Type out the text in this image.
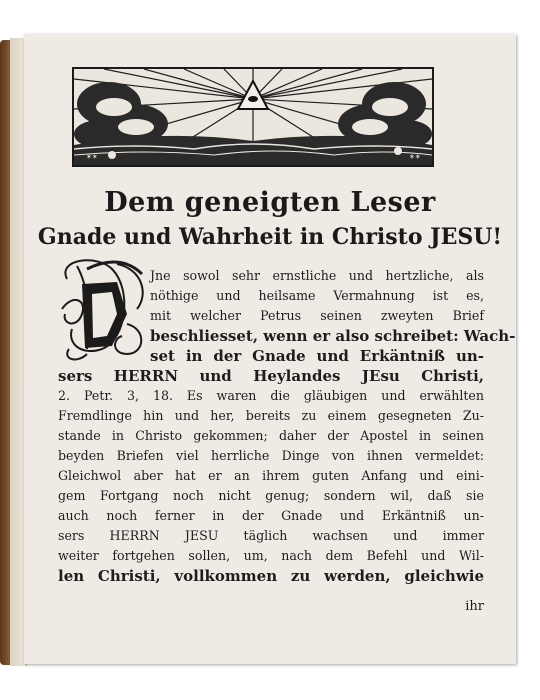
✶✶	✶✶
Dem geneigten Leser
Gnade und Wahrheit in Christo JESU!
Jne sowol sehr ernstliche und hertzliche, als
nöthige und heilsame Vermahnung ist es,
mit welcher Petrus seinen zweyten Brief
beschliesset, wenn er also schreibet: Wach-
set in der Gnade und Erkäntniß un-
sers HERRN und Heylandes JEsu Christi,
2. Petr. 3, 18. Es waren die gläubigen und erwählten
Fremdlinge hin und her, bereits zu einem gesegneten Zu-
stande in Christo gekommen; daher der Apostel in seinen
beyden Briefen viel herrliche Dinge von ihnen vermeldet:
Gleichwol aber hat er an ihrem guten Anfang und eini-
gem Fortgang noch nicht genug; sondern wil, daß sie
auch noch ferner in der Gnade und Erkäntniß un-
sers HERRN JESU täglich wachsen und immer
weiter fortgehen sollen, um, nach dem Befehl und Wil-
len Christi, vollkommen zu werden, gleichwie
ihr
